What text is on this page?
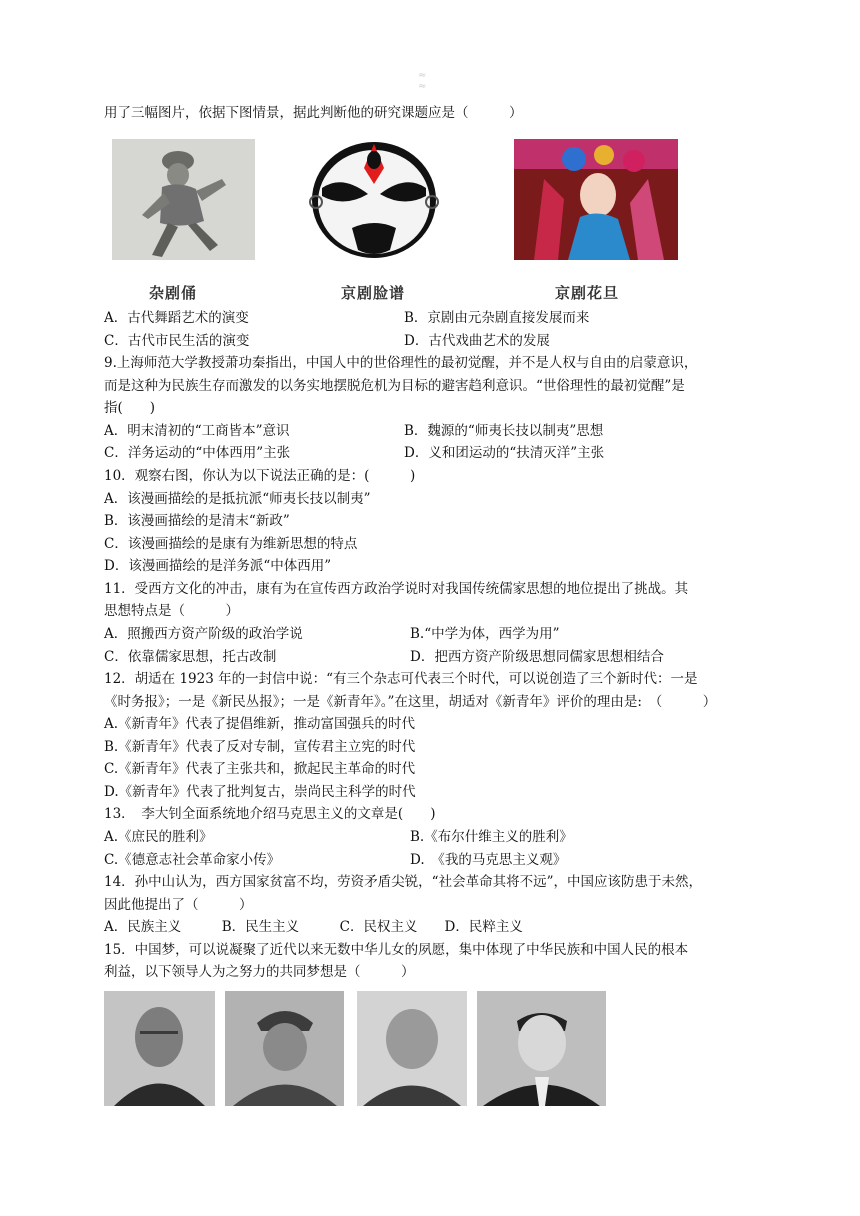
≈
≈
用了三幅图片，依据下图情景，据此判断他的研究课题应是（　　　）
杂剧俑	京剧脸谱	京剧花旦
A．古代舞蹈艺术的演变	B．京剧由元杂剧直接发展而来
C．古代市民生活的演变	D．古代戏曲艺术的发展
9.上海师范大学教授萧功秦指出，中国人中的世俗理性的最初觉醒，并不是人权与自由的启蒙意识，
而是这种为民族生存而激发的以务实地摆脱危机为目标的避害趋利意识。“世俗理性的最初觉醒”是
指(　　)
A．明末清初的“工商皆本”意识	B．魏源的“师夷长技以制夷”思想
C．洋务运动的“中体西用”主张	D．义和团运动的“扶清灭洋”主张
10．观察右图，你认为以下说法正确的是：(　　　)
A．该漫画描绘的是抵抗派“师夷长技以制夷”
B．该漫画描绘的是清末“新政”
C．该漫画描绘的是康有为维新思想的特点
D．该漫画描绘的是洋务派“中体西用”
11．受西方文化的冲击，康有为在宣传西方政治学说时对我国传统儒家思想的地位提出了挑战。其
思想特点是（　　　）
A．照搬西方资产阶级的政治学说	B.“中学为体，西学为用”
C．依靠儒家思想，托古改制	D．把西方资产阶级思想同儒家思想相结合
12．胡适在 1923 年的一封信中说：“有三个杂志可代表三个时代，可以说创造了三个新时代：一是
《时务报》；一是《新民丛报》；一是《新青年》。”在这里，胡适对《新青年》评价的理由是:　（　　　）
A.《新青年》代表了提倡维新，推动富国强兵的时代
B.《新青年》代表了反对专制，宣传君主立宪的时代
C.《新青年》代表了主张共和，掀起民主革命的时代
D.《新青年》代表了批判复古，崇尚民主科学的时代
13．　李大钊全面系统地介绍马克思主义的文章是(　　)
A.《庶民的胜利》	B.《布尔什维主义的胜利》
C.《德意志社会革命家小传》	D.　《我的马克思主义观》
14．孙中山认为，西方国家贫富不均，劳资矛盾尖锐，“社会革命其将不远”，中国应该防患于未然，
因此他提出了（　　　）
A．民族主义　　　B．民生主义　　　C．民权主义　　D．民粹主义
15．中国梦，可以说凝聚了近代以来无数中华儿女的夙愿，集中体现了中华民族和中国人民的根本
利益，以下领导人为之努力的共同梦想是（　　　）
